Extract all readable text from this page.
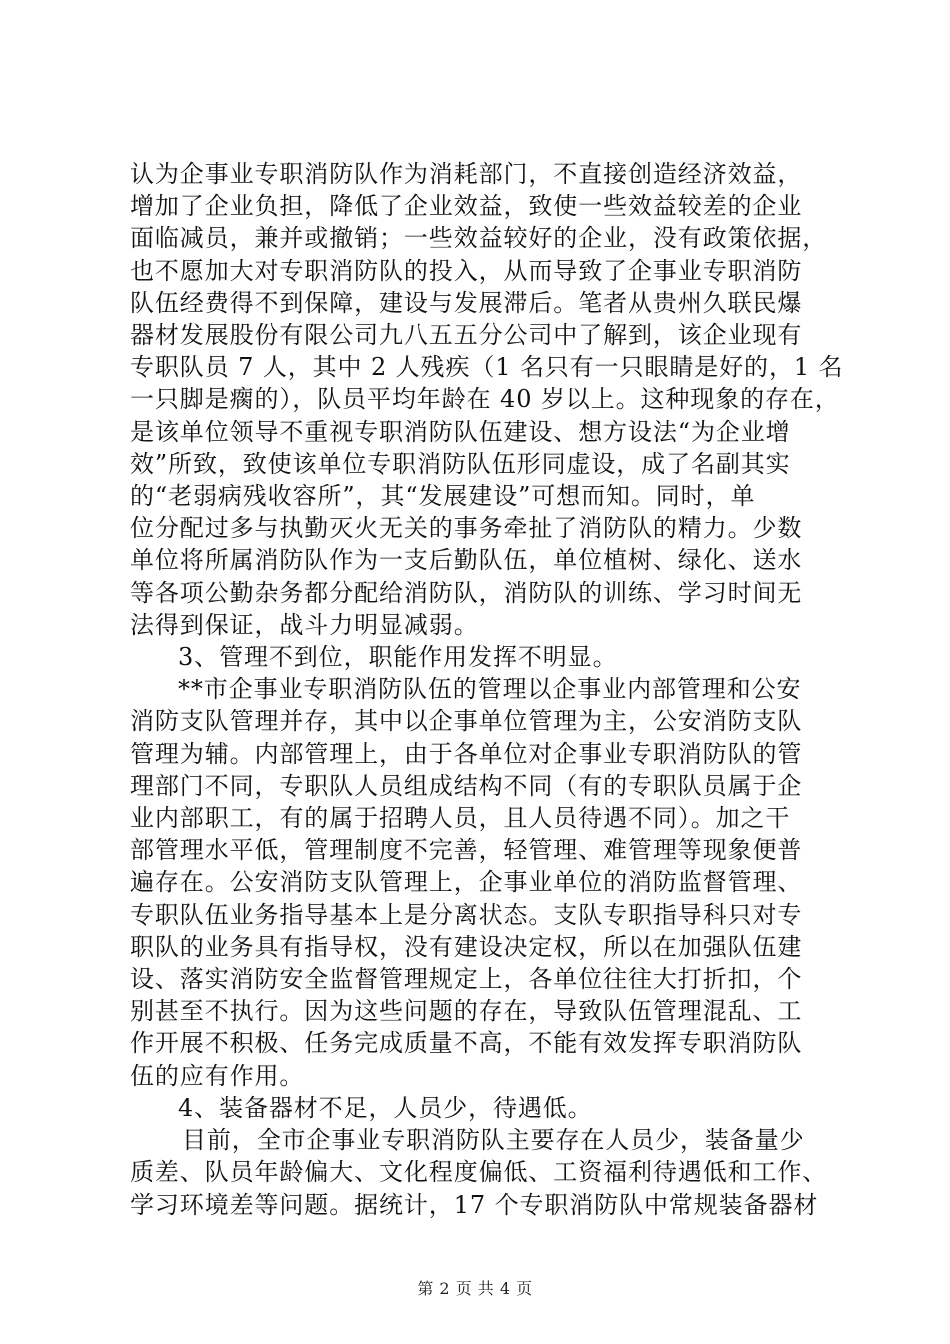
认为企事业专职消防队作为消耗部门，不直接创造经济效益，
增加了企业负担，降低了企业效益，致使一些效益较差的企业
面临减员，兼并或撤销；一些效益较好的企业，没有政策依据，
也不愿加大对专职消防队的投入，从而导致了企事业专职消防
队伍经费得不到保障，建设与发展滞后。笔者从贵州久联民爆
器材发展股份有限公司九八五五分公司中了解到，该企业现有
专职队员 7 人，其中 2 人残疾（1 名只有一只眼睛是好的，1 名
一只脚是瘸的），队员平均年龄在 40 岁以上。这种现象的存在，
是该单位领导不重视专职消防队伍建设、想方设法“为企业增
效”所致，致使该单位专职消防队伍形同虚设，成了名副其实
的“老弱病残收容所”，其“发展建设”可想而知。同时，单
位分配过多与执勤灭火无关的事务牵扯了消防队的精力。少数
单位将所属消防队作为一支后勤队伍，单位植树、绿化、送水
等各项公勤杂务都分配给消防队，消防队的训练、学习时间无
法得到保证，战斗力明显减弱。
3、管理不到位，职能作用发挥不明显。
**市企事业专职消防队伍的管理以企事业内部管理和公安
消防支队管理并存，其中以企事单位管理为主，公安消防支队
管理为辅。内部管理上，由于各单位对企事业专职消防队的管
理部门不同，专职队人员组成结构不同（有的专职队员属于企
业内部职工，有的属于招聘人员，且人员待遇不同）。加之干
部管理水平低，管理制度不完善，轻管理、难管理等现象便普
遍存在。公安消防支队管理上，企事业单位的消防监督管理、
专职队伍业务指导基本上是分离状态。支队专职指导科只对专
职队的业务具有指导权，没有建设决定权，所以在加强队伍建
设、落实消防安全监督管理规定上，各单位往往大打折扣，个
别甚至不执行。因为这些问题的存在，导致队伍管理混乱、工
作开展不积极、任务完成质量不高，不能有效发挥专职消防队
伍的应有作用。
4、装备器材不足，人员少，待遇低。
目前，全市企事业专职消防队主要存在人员少，装备量少
质差、队员年龄偏大、文化程度偏低、工资福利待遇低和工作、
学习环境差等问题。据统计，17 个专职消防队中常规装备器材
第 2 页 共 4 页
